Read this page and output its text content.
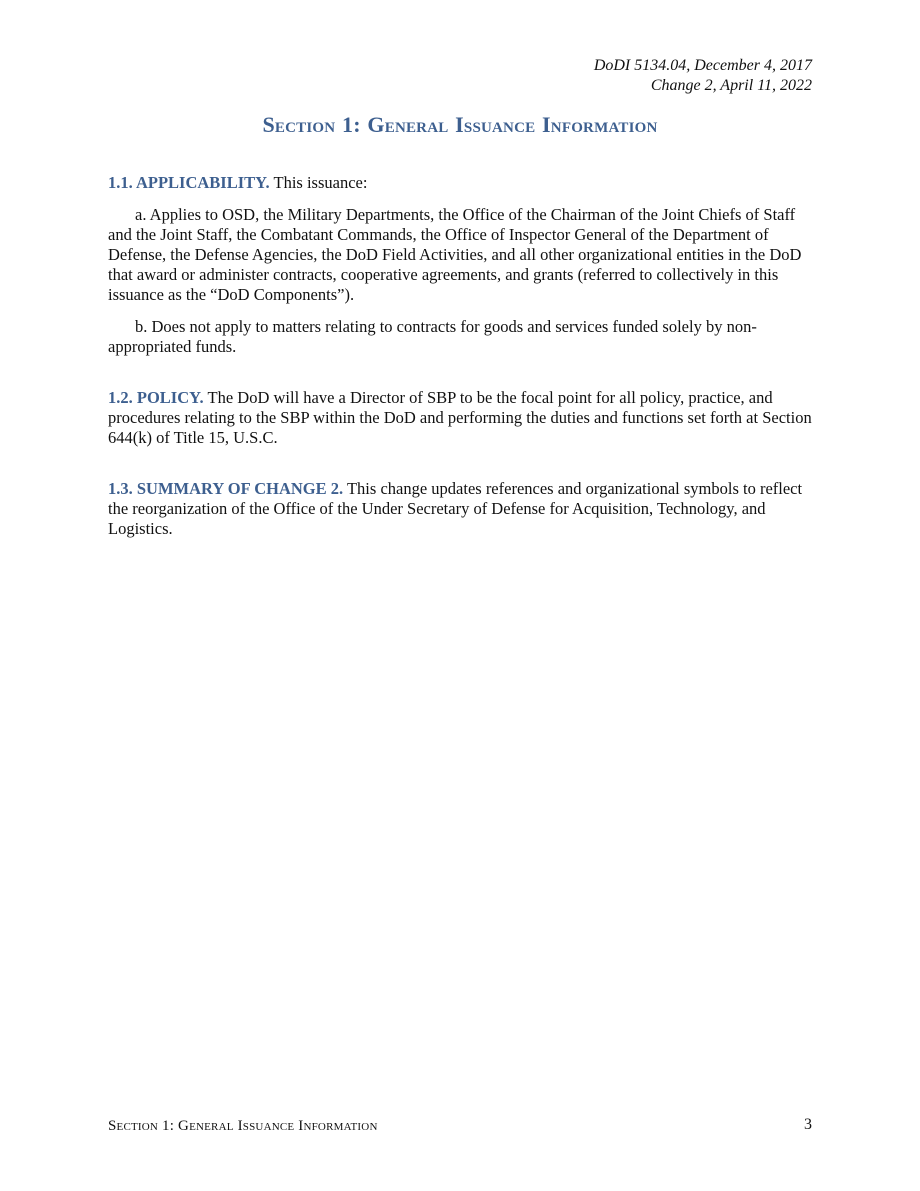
DoDI 5134.04, December 4, 2017
Change 2, April 11, 2022
Section 1: General Issuance Information

1.1. APPLICABILITY. This issuance:

a. Applies to OSD, the Military Departments, the Office of the Chairman of the Joint Chiefs of Staff and the Joint Staff, the Combatant Commands, the Office of Inspector General of the Department of Defense, the Defense Agencies, the DoD Field Activities, and all other organizational entities in the DoD that award or administer contracts, cooperative agreements, and grants (referred to collectively in this issuance as the “DoD Components”).

b. Does not apply to matters relating to contracts for goods and services funded solely by non-appropriated funds.

1.2. POLICY. The DoD will have a Director of SBP to be the focal point for all policy, practice, and procedures relating to the SBP within the DoD and performing the duties and functions set forth at Section 644(k) of Title 15, U.S.C.

1.3. SUMMARY OF CHANGE 2. This change updates references and organizational symbols to reflect the reorganization of the Office of the Under Secretary of Defense for Acquisition, Technology, and Logistics.

Section 1: General Issuance Information	3
